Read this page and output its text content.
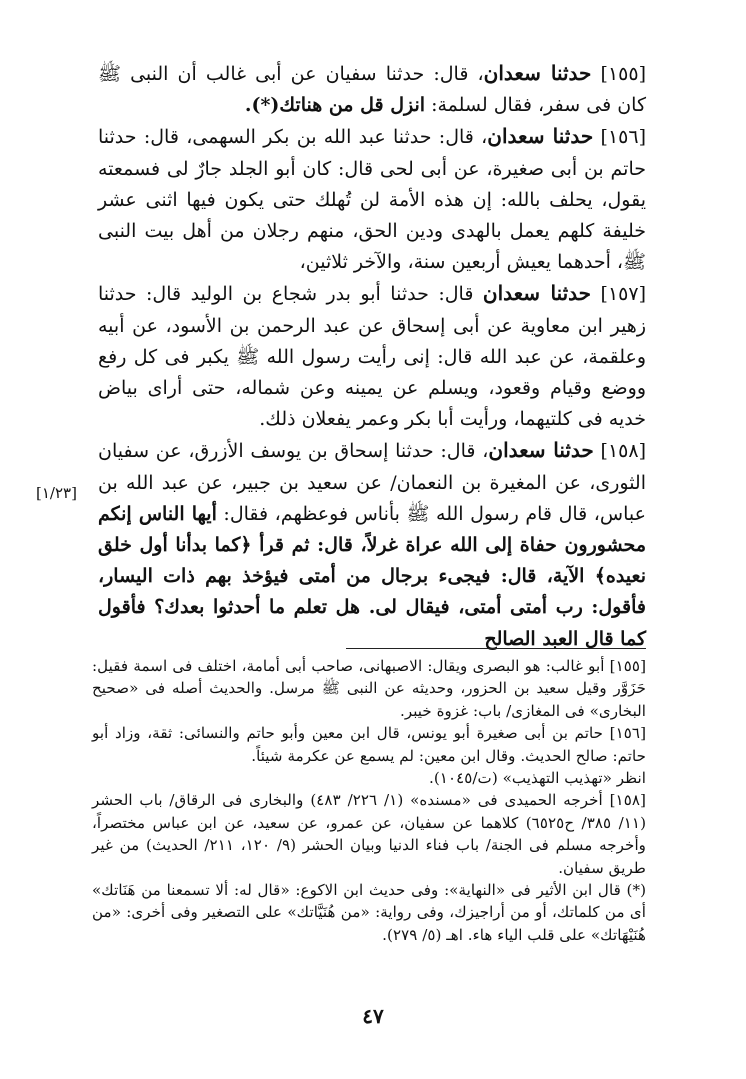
[١٥٥] حدثنا سعدان، قال: حدثنا سفيان عن أبى غالب أن النبى ﷺ كان فى سفر، فقال لسلمة: انزل قل من هناتك(*).

[١٥٦] حدثنا سعدان، قال: حدثنا عبد الله بن بكر السهمى، قال: حدثنا حاتم بن أبى صغيرة، عن أبى لحى قال: كان أبو الجلد جارٌ لى فسمعته يقول، يحلف بالله: إن هذه الأمة لن تُهلك حتى يكون فيها اثنى عشر خليفة كلهم يعمل بالهدى ودين الحق، منهم رجلان من أهل بيت النبى ﷺ، أحدهما يعيش أربعين سنة، والآخر ثلاثين،

[١٥٧] حدثنا سعدان قال: حدثنا أبو بدر شجاع بن الوليد قال: حدثنا زهير ابن معاوية عن أبى إسحاق عن عبد الرحمن بن الأسود، عن أبيه وعلقمة، عن عبد الله قال: إنى رأيت رسول الله ﷺ يكبر فى كل رفع ووضع وقيام وقعود، ويسلم عن يمينه وعن شماله، حتى أراى بياض خديه فى كلتيهما، ورأيت أبا بكر وعمر يفعلان ذلك.

[١٥٨] حدثنا سعدان، قال: حدثنا إسحاق بن يوسف الأزرق، عن سفيان الثورى، عن المغيرة بن النعمان/ عن سعيد بن جبير، عن عبد الله بن عباس، قال قام رسول الله ﷺ بأناس فوعظهم، فقال: أيها الناس إنكم محشورون حفاة إلى الله عراة غرلاً، قال: ثم قرأ ﴿كما بدأنا أول خلق نعيده﴾ الآية، قال: فيجىء برجال من أمتى فيؤخذ بهم ذات اليسار، فأقول: رب أمتى أمتى، فيقال لى. هل تعلم ما أحدثوا بعدك؟ فأقول كما قال العبد الصالح

[١/٢٣]

[١٥٥] أبو غالب: هو البصرى ويقال: الاصبهانى، صاحب أبى أمامة، اختلف فى اسمة فقيل: حَزَوَّر وقيل سعيد بن الحزور، وحديثه عن النبى ﷺ مرسل. والحديث أصله فى «صحيح البخارى» فى المغازى/ باب: غزوة خيبر.

[١٥٦] حاتم بن أبى صغيرة أبو يونس، قال ابن معين وأبو حاتم والنسائى: ثقة، وزاد أبو حاتم: صالح الحديث. وقال ابن معين: لم يسمع عن عكرمة شيئاً.

انظر «تهذيب التهذيب» (ت/١٠٤٥).

[١٥٨] أخرجه الحميدى فى «مسنده» (١/ ٢٢٦/ ٤٨٣) والبخارى فى الرقاق/ باب الحشر (١١/ ٣٨٥/ ح٦٥٢٥) كلاهما عن سفيان، عن عمرو، عن سعيد، عن ابن عباس مختصراً، وأخرجه مسلم فى الجنة/ باب فناء الدنيا وبيان الحشر (٩/ ١٢٠، ٢١١/ الحديث) من غير طريق سفيان.

(*) قال ابن الأثير فى «النهاية»: وفى حديث ابن الاكوع: «قال له: ألا تسمعنا من هَنَاتك» أى من كلماتك، أو من أراجيزك، وفى رواية: «من هُنَيَّاتك» على التصغير وفى أخرى: «من هُنَيْهَاتك» على قلب الياء هاء. اهـ (٥/ ٢٧٩).

٤٧
